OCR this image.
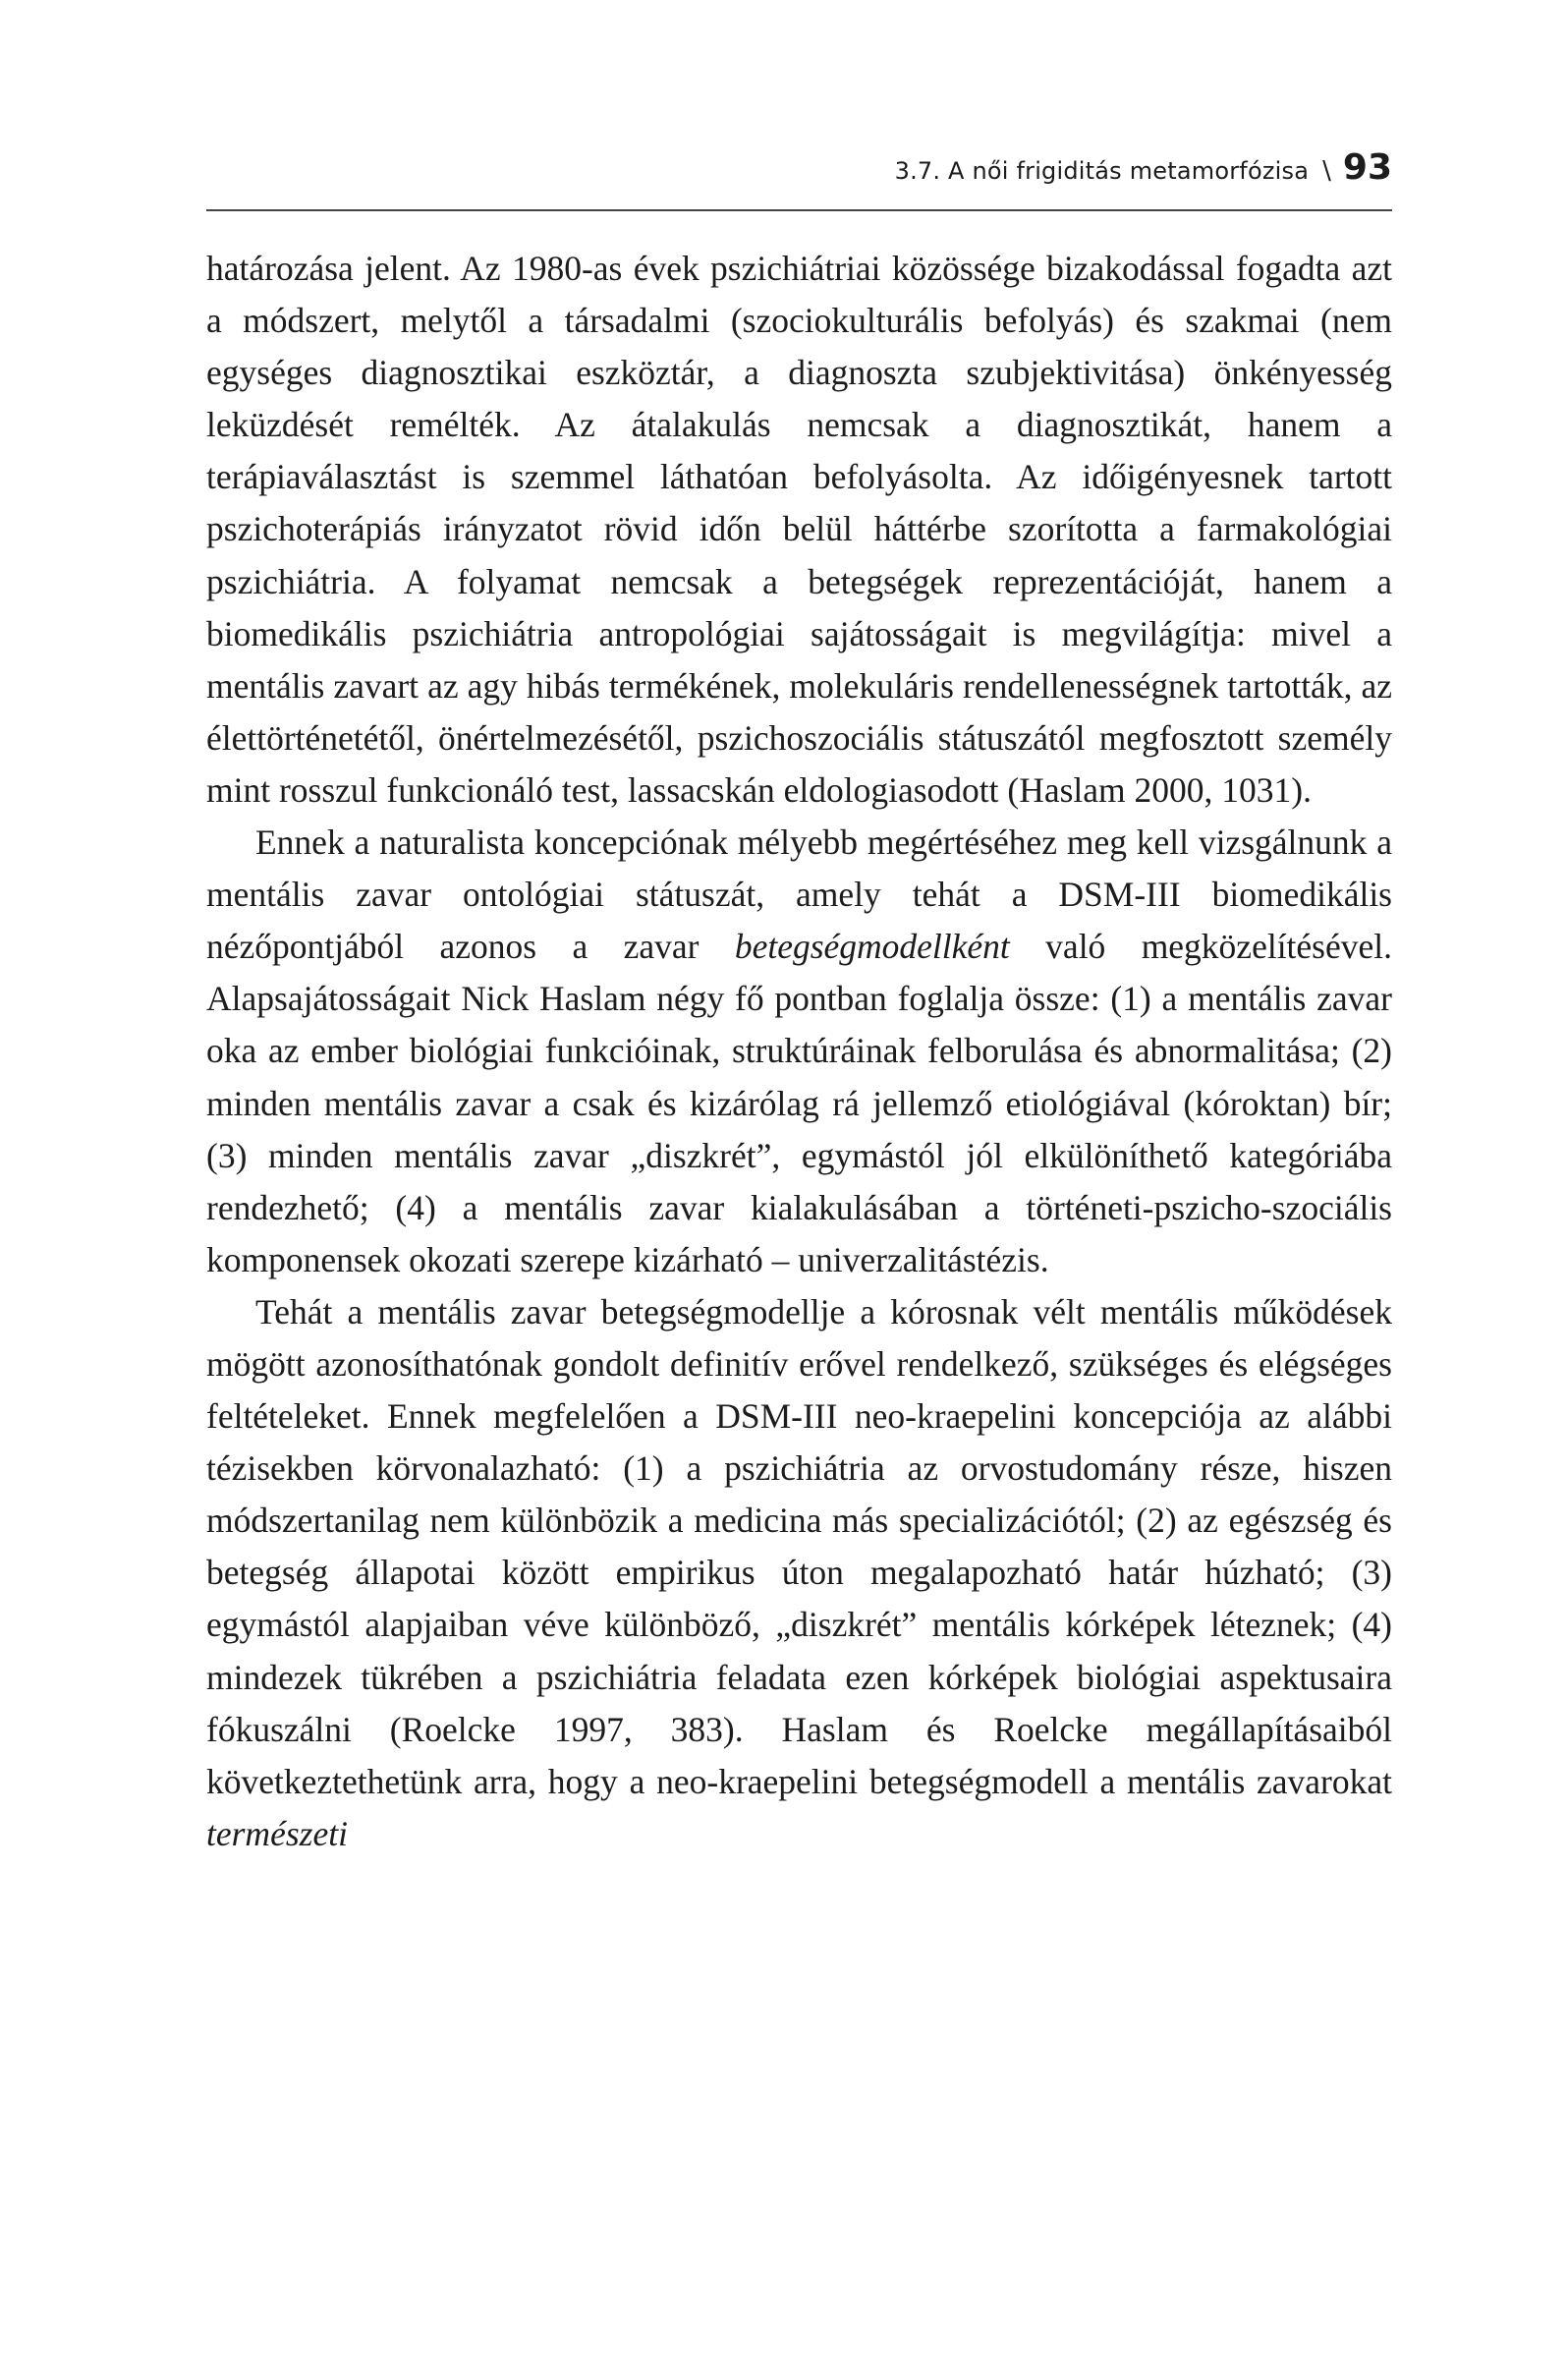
3.7. A női frigiditás metamorfózisa \ 93

határozása jelent. Az 1980-as évek pszichiátriai közössége bizakodással fogadta azt a módszert, melytől a társadalmi (szociokulturális befolyás) és szakmai (nem egységes diagnosztikai eszköztár, a diagnoszta szubjektivitása) önkényesség leküzdését remélték. Az átalakulás nemcsak a diagnosztikát, hanem a terápiaválasztást is szemmel láthatóan befolyásolta. Az időigényesnek tartott pszichoterápiás irányzatot rövid időn belül háttérbe szorította a farmakológiai pszichiátria. A folyamat nemcsak a betegségek reprezentációját, hanem a biomedikális pszichiátria antropológiai sajátosságait is megvilágítja: mivel a mentális zavart az agy hibás termékének, molekuláris rendellenességnek tartották, az élettörténetétől, önértelmezésétől, pszichoszociális státuszától megfosztott személy mint rosszul funkcionáló test, lassacskán eldologiasodott (Haslam 2000, 1031).

Ennek a naturalista koncepciónak mélyebb megértéséhez meg kell vizsgálnunk a mentális zavar ontológiai státuszát, amely tehát a DSM-III biomedikális nézőpontjából azonos a zavar betegségmodellként való megközelítésével. Alapsajátosságait Nick Haslam négy fő pontban foglalja össze: (1) a mentális zavar oka az ember biológiai funkcióinak, struktúráinak felborulása és abnormalitása; (2) minden mentális zavar a csak és kizárólag rá jellemző etiológiával (kóroktan) bír; (3) minden mentális zavar „diszkrét”, egymástól jól elkülöníthető kategóriába rendezhető; (4) a mentális zavar kialakulásában a történeti-pszicho-szociális komponensek okozati szerepe kizárható – univerzalitástézis.

Tehát a mentális zavar betegségmodellje a kórosnak vélt mentális működések mögött azonosíthatónak gondolt definitív erővel rendelkező, szükséges és elégséges feltételeket. Ennek megfelelően a DSM-III neo-kraepelini koncepciója az alábbi tézisekben körvonalazható: (1) a pszichiátria az orvostudomány része, hiszen módszertanilag nem különbözik a medicina más specializációtól; (2) az egészség és betegség állapotai között empirikus úton megalapozható határ húzható; (3) egymástól alapjaiban véve különböző, „diszkrét” mentális kórképek léteznek; (4) mindezek tükrében a pszichiátria feladata ezen kórképek biológiai aspektusaira fókuszálni (Roelcke 1997, 383). Haslam és Roelcke megállapításaiból következtethetünk arra, hogy a neo-kraepelini betegségmodell a mentális zavarokat természeti
